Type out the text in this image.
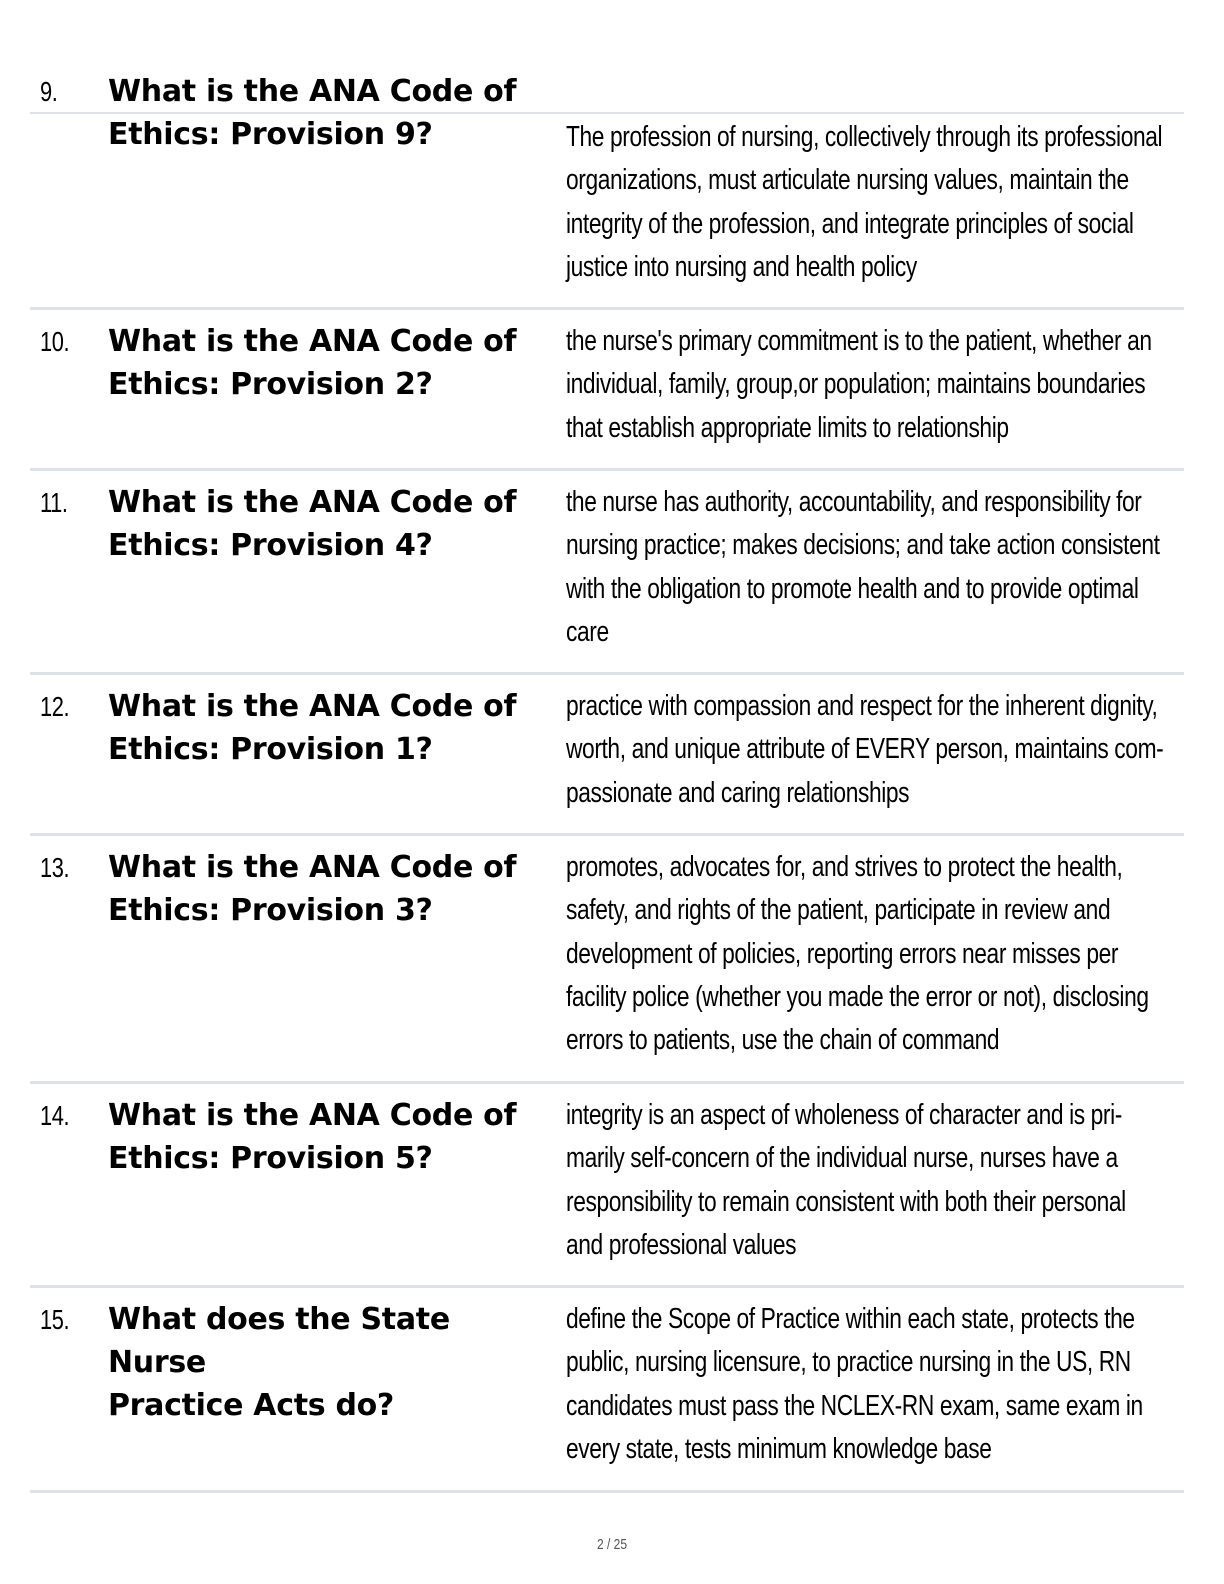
9. What is the ANA Code of
Ethics: Provision 9?	The profession of nursing, collectively through its professional
organizations, must articulate nursing values, maintain the
integrity of the profession, and integrate principles of social
justice into nursing and health policy
10. What is the ANA Code of
Ethics: Provision 2?
the nurse's primary commitment is to the patient, whether an
individual, family, group,or population; maintains boundaries
that establish appropriate limits to relationship
11. What is the ANA Code of
Ethics: Provision 4?
the nurse has authority, accountability, and responsibility for
nursing practice; makes decisions; and take action consistent
with the obligation to promote health and to provide optimal
care
12. What is the ANA Code of
Ethics: Provision 1?
practice with compassion and respect for the inherent dignity,
worth, and unique attribute of EVERY person, maintains com-
passionate and caring relationships
13. What is the ANA Code of
Ethics: Provision 3?
promotes, advocates for, and strives to protect the health,
safety, and rights of the patient, participate in review and
development of policies, reporting errors near misses per
facility police (whether you made the error or not), disclosing
errors to patients, use the chain of command
14. What is the ANA Code of
Ethics: Provision 5?
integrity is an aspect of wholeness of character and is pri-
marily self-concern of the individual nurse, nurses have a
responsibility to remain consistent with both their personal
and professional values
15. What does the State Nurse
Practice Acts do?
define the Scope of Practice within each state, protects the
public, nursing licensure, to practice nursing in the US, RN
candidates must pass the NCLEX-RN exam, same exam in
every state, tests minimum knowledge base
2 / 25
